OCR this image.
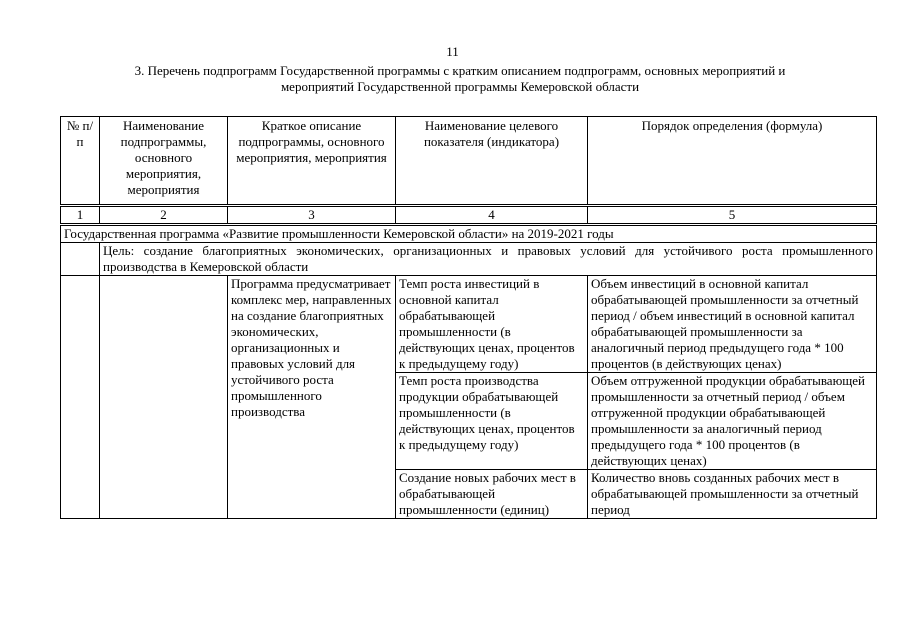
11
3. Перечень подпрограмм Государственной программы с кратким описанием подпрограмм, основных мероприятий и
мероприятий Государственной программы Кемеровской области
№ п/п	Наименование подпрограммы, основного мероприятия, мероприятия	Краткое описание подпрограммы, основного мероприятия, мероприятия	Наименование целевого показателя (индикатора)	Порядок определения (формула)
1	2	3	4	5
Государственная программа «Развитие промышленности Кемеровской области» на 2019-2021 годы				
	Цель: создание благоприятных экономических, организационных и правовых условий для устойчивого роста промышленного производства в Кемеровской области			
		Программа предусматривает комплекс мер, направленных на создание благоприятных экономических, организационных и правовых условий для устойчивого роста промышленного производства	Темп роста инвестиций в основной капитал обрабатывающей промышленности (в действующих ценах, процентов к предыдущему году)	Объем инвестиций в основной капитал обрабатывающей промышленности за отчетный период / объем инвестиций в основной капитал обрабатывающей промышленности за аналогичный период предыдущего года * 100 процентов (в действующих ценах)
			Темп роста производства продукции обрабатывающей промышленности (в действующих ценах, процентов к предыдущему году)	Объем отгруженной продукции обрабатывающей промышленности за отчетный период / объем отгруженной продукции обрабатывающей промышленности за аналогичный период предыдущего года * 100 процентов (в действующих ценах)
			Создание новых рабочих мест в обрабатывающей промышленности (единиц)	Количество вновь созданных рабочих мест в обрабатывающей промышленности за отчетный период
